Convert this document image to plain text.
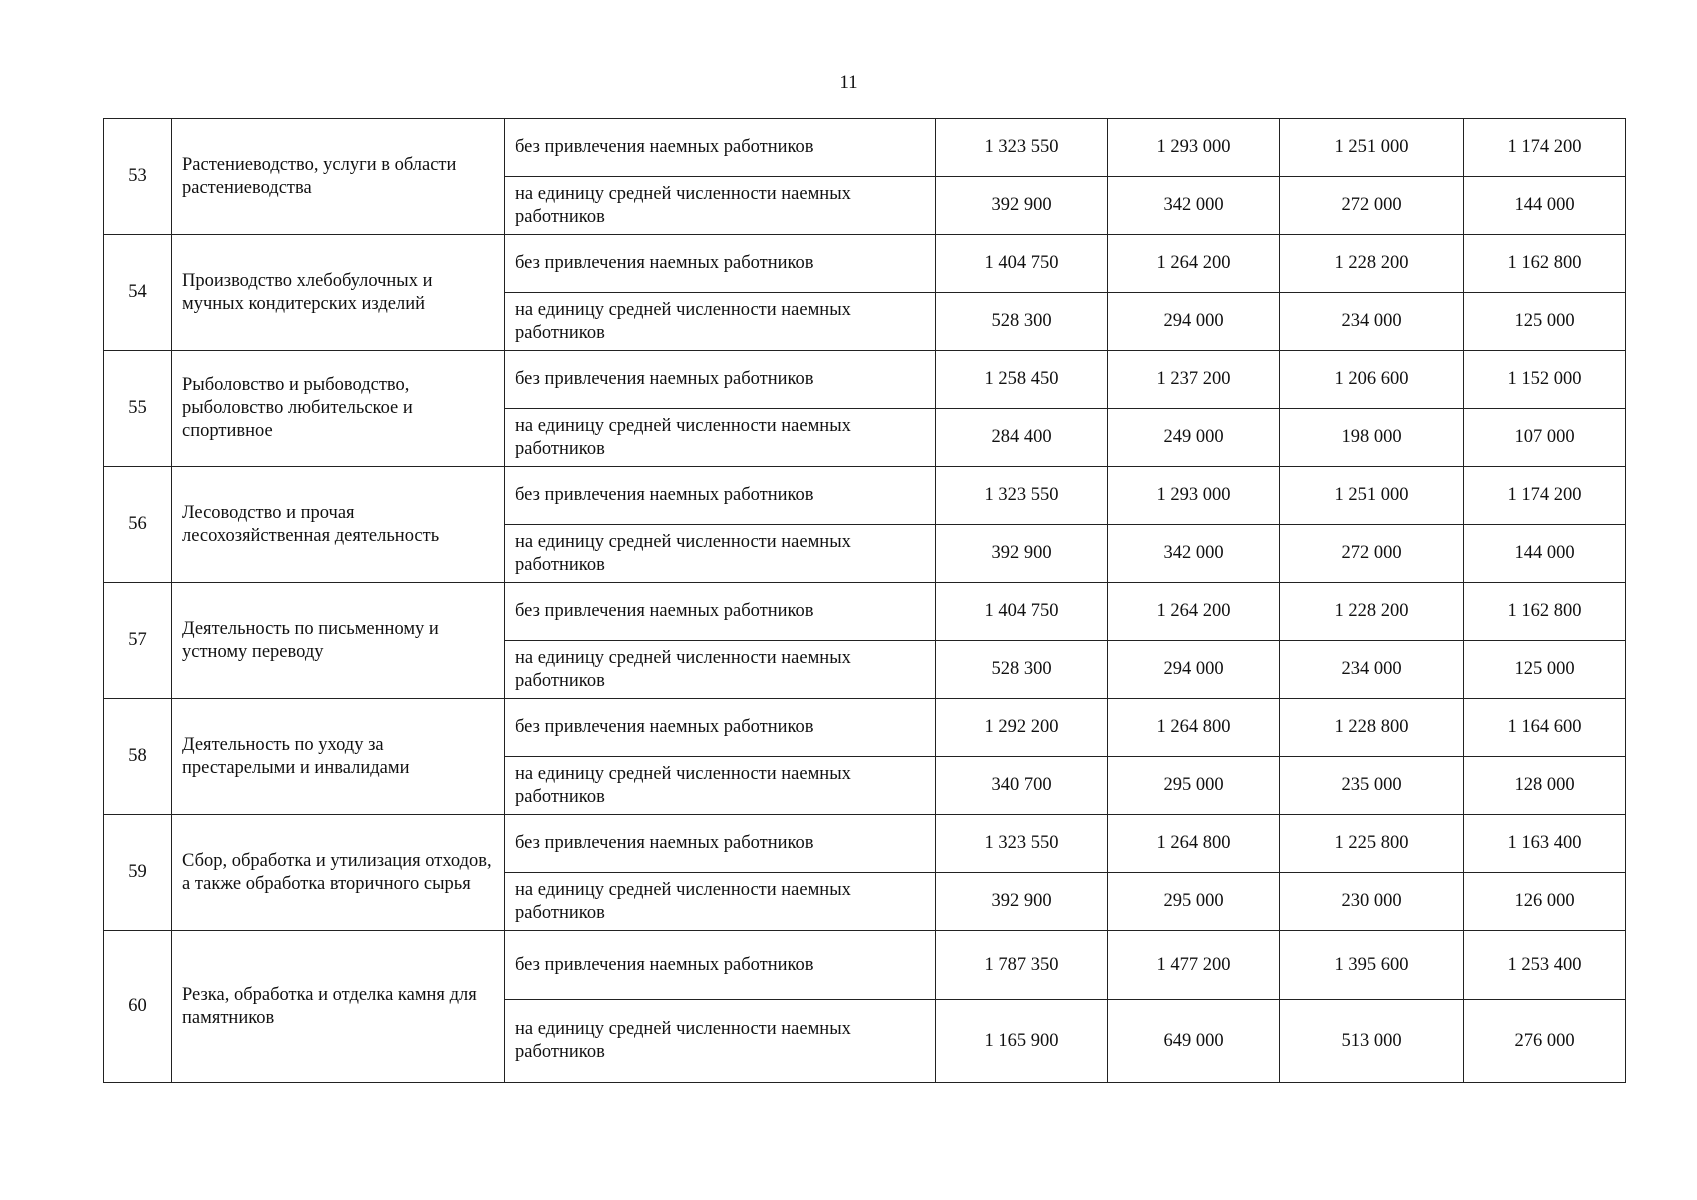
11
53	Растениеводство, услуги в области растениеводства	без привлечения наемных работников	1 323 550	1 293 000	1 251 000	1 174 200
		на единицу средней численности наемных работников	392 900	342 000	272 000	144 000
54	Производство хлебобулочных и мучных кондитерских изделий	без привлечения наемных работников	1 404 750	1 264 200	1 228 200	1 162 800
		на единицу средней численности наемных работников	528 300	294 000	234 000	125 000
55	Рыболовство и рыбоводство, рыболовство любительское и спортивное	без привлечения наемных работников	1 258 450	1 237 200	1 206 600	1 152 000
		на единицу средней численности наемных работников	284 400	249 000	198 000	107 000
56	Лесоводство и прочая лесохозяйственная деятельность	без привлечения наемных работников	1 323 550	1 293 000	1 251 000	1 174 200
		на единицу средней численности наемных работников	392 900	342 000	272 000	144 000
57	Деятельность по письменному и устному переводу	без привлечения наемных работников	1 404 750	1 264 200	1 228 200	1 162 800
		на единицу средней численности наемных работников	528 300	294 000	234 000	125 000
58	Деятельность по уходу за престарелыми и инвалидами	без привлечения наемных работников	1 292 200	1 264 800	1 228 800	1 164 600
		на единицу средней численности наемных работников	340 700	295 000	235 000	128 000
59	Сбор, обработка и утилизация отходов, а также обработка вторичного сырья	без привлечения наемных работников	1 323 550	1 264 800	1 225 800	1 163 400
		на единицу средней численности наемных работников	392 900	295 000	230 000	126 000
60	Резка, обработка и отделка камня для памятников	без привлечения наемных работников	1 787 350	1 477 200	1 395 600	1 253 400
		на единицу средней численности наемных работников	1 165 900	649 000	513 000	276 000
